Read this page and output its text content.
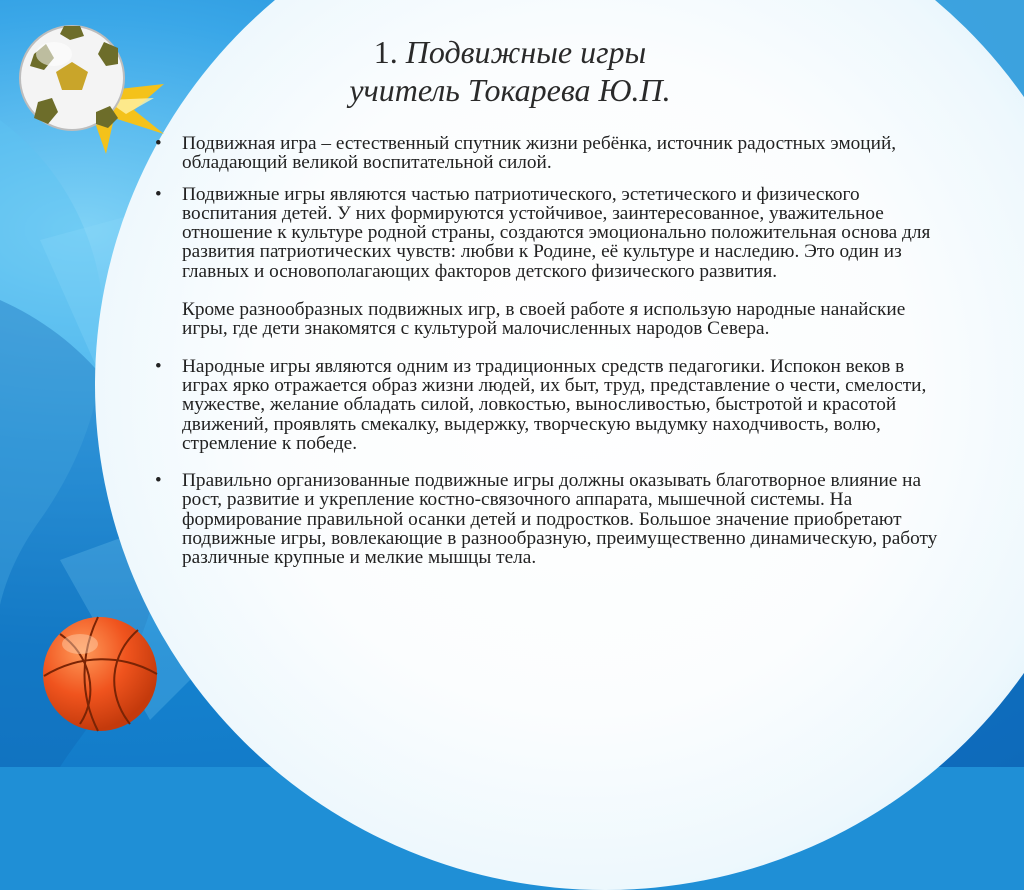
1. Подвижные игры
учитель Токарева Ю.П.
• Подвижная игра – естественный спутник жизни ребёнка, источник радостных эмоций, обладающий великой воспитательной силой.

• Подвижные игры являются частью патриотического, эстетического и физического воспитания детей. У них формируются устойчивое, заинтересованное, уважительное отношение к культуре родной страны, создаются эмоционально положительная основа для развития патриотических чувств: любви к Родине, её культуре и наследию. Это один из главных и основополагающих факторов детского физического развития.

Кроме разнообразных подвижных игр, в своей работе я использую народные нанайские игры, где дети знакомятся с культурой малочисленных народов Севера.

• Народные игры являются одним из традиционных средств педагогики. Испокон веков в играх ярко отражается образ жизни людей, их быт, труд, представление о чести, смелости, мужестве, желание обладать силой, ловкостью, выносливостью, быстротой и красотой движений, проявлять смекалку, выдержку, творческую выдумку находчивость, волю, стремление к победе.

• Правильно организованные подвижные игры должны оказывать благотворное влияние на рост, развитие и укрепление костно-связочного аппарата, мышечной системы. На формирование правильной осанки детей и подростков. Большое значение приобретают подвижные игры, вовлекающие в разнообразную, преимущественно динамическую, работу различные крупные и мелкие мышцы тела.
